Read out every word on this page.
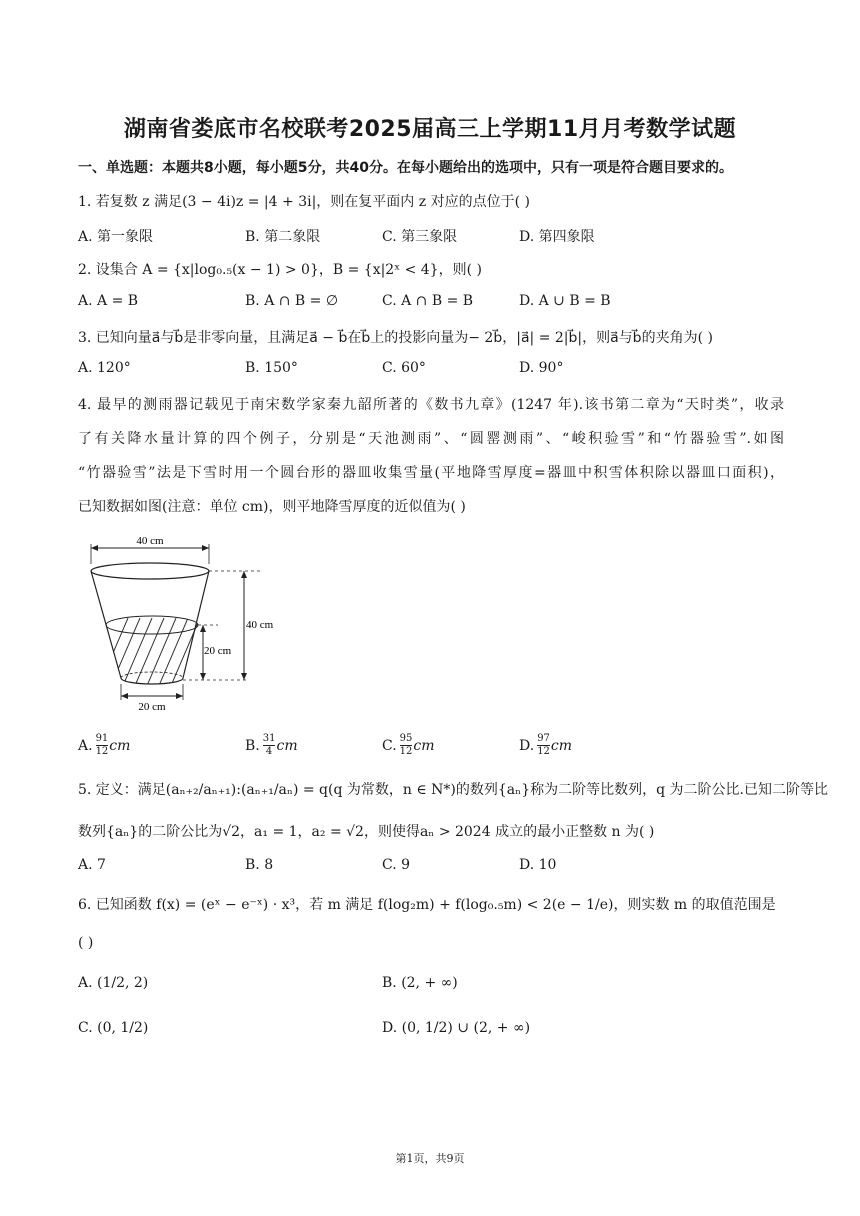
湖南省娄底市名校联考2025届高三上学期11月月考数学试题
一、单选题：本题共8小题，每小题5分，共40分。在每小题给出的选项中，只有一项是符合题目要求的。
1. 若复数 z 满足(3 − 4i)z = |4 + 3i|，则在复平面内 z 对应的点位于( )
A. 第一象限	B. 第二象限	C. 第三象限	D. 第四象限
2. 设集合 A = {x|log₀.₅(x − 1) > 0}，B = {x|2ˣ < 4}，则( )
A. A = B	B. A ∩ B = ∅	C. A ∩ B = B	D. A ∪ B = B
3. 已知向量a⃗与b⃗是非零向量，且满足a⃗ − b⃗在b⃗上的投影向量为− 2b⃗，|a⃗| = 2|b⃗|，则a⃗与b⃗的夹角为( )
A. 120°	B. 150°	C. 60°	D. 90°
4. 最早的测雨器记载见于南宋数学家秦九韶所著的《数书九章》(1247 年).该书第二章为“天时类”，收录
了有关降水量计算的四个例子，分别是“天池测雨”、“圆罂测雨”、“峻积验雪”和“竹器验雪”.如图
“竹器验雪”法是下雪时用一个圆台形的器皿收集雪量(平地降雪厚度=器皿中积雪体积除以器皿口面积)，
已知数据如图(注意：单位 cm)，则平地降雪厚度的近似值为( )
40 cm
40 cm
20 cm
20 cm
A. $\frac{91}{12}$ cm	B. $\frac{31}{4}$ cm	C. $\frac{95}{12}$ cm	D. $\frac{97}{12}$ cm
5. 定义：满足(aₙ₊₂/aₙ₊₁):(aₙ₊₁/aₙ) = q(q 为常数，n ∈ N*)的数列{aₙ}称为二阶等比数列，q 为二阶公比.已知二阶等比
数列{aₙ}的二阶公比为√2，a₁ = 1，a₂ = √2，则使得aₙ > 2024 成立的最小正整数 n 为( )
A. 7	B. 8	C. 9	D. 10
6. 已知函数 f(x) = (eˣ − e⁻ˣ) · x³，若 m 满足 f(log₂m) + f(log₀.₅m) < 2(e − 1/e)，则实数 m 的取值范围是
( )
A. (1/2, 2)	B. (2, + ∞)
C. (0, 1/2)	D. (0, 1/2) ∪ (2, + ∞)
第1页，共9页
